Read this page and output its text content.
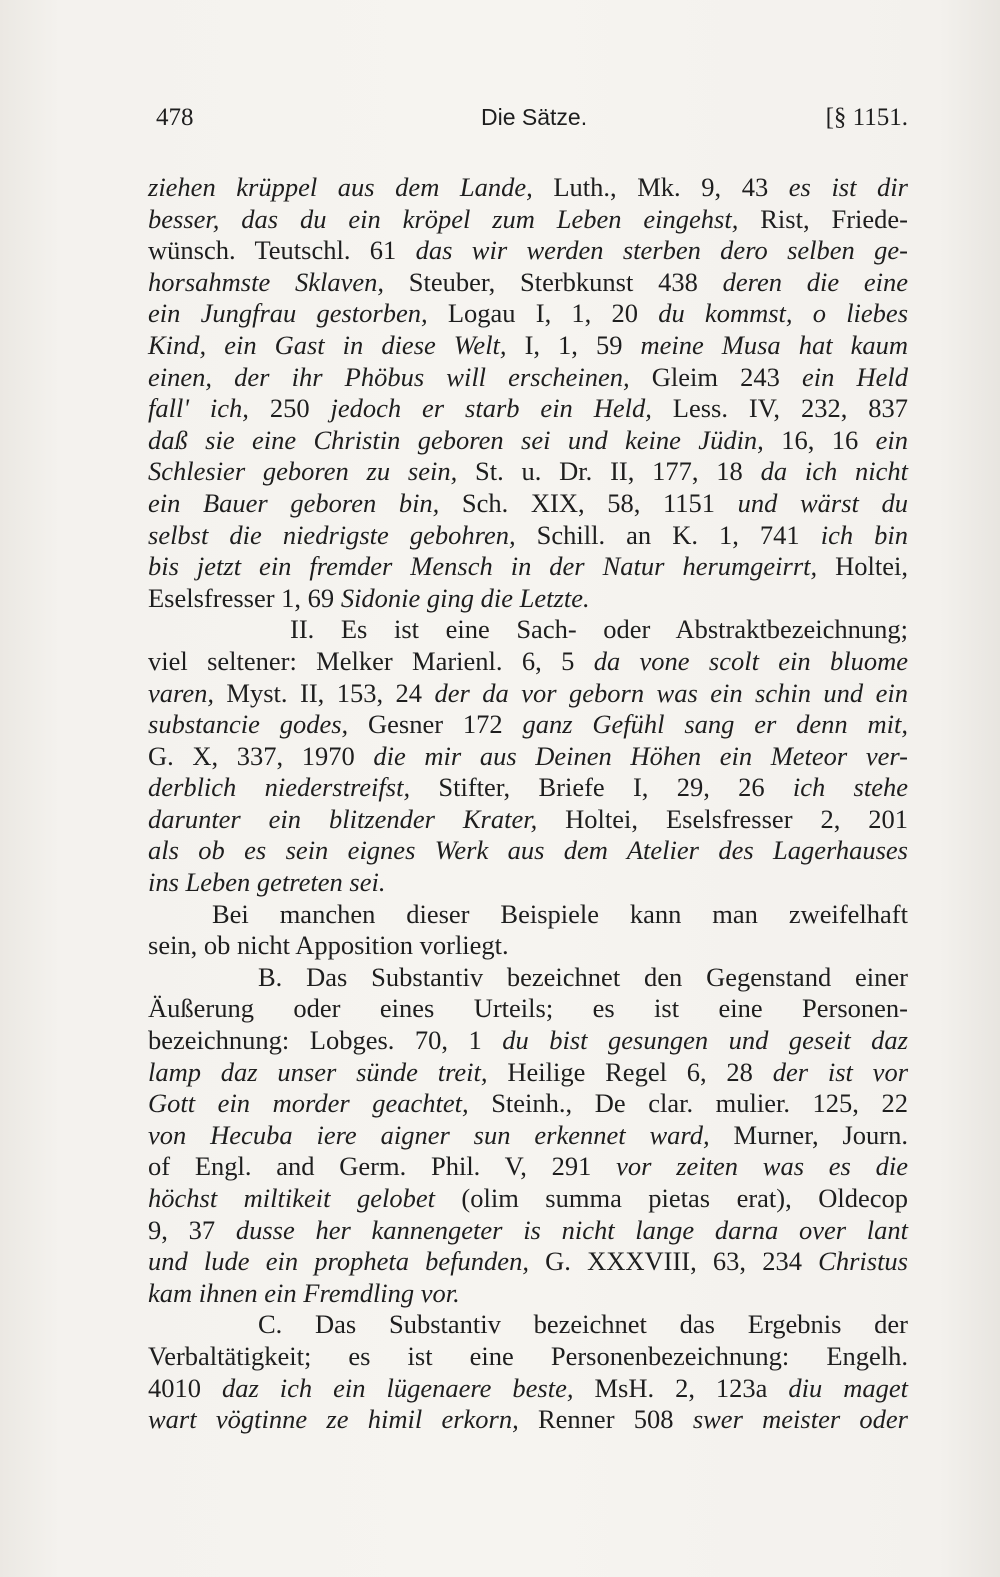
478	Die Sätze.	[§ 1151.
ziehen krüppel aus dem Lande, Luth., Mk. 9, 43 es ist dir
besser, das du ein kröpel zum Leben eingehst, Rist, Friede-
wünsch. Teutschl. 61 das wir werden sterben dero selben ge-
horsahmste Sklaven, Steuber, Sterbkunst 438 deren die eine
ein Jungfrau gestorben, Logau I, 1, 20 du kommst, o liebes
Kind, ein Gast in diese Welt, I, 1, 59 meine Musa hat kaum
einen, der ihr Phöbus will erscheinen, Gleim 243 ein Held
fall' ich, 250 jedoch er starb ein Held, Less. IV, 232, 837
daß sie eine Christin geboren sei und keine Jüdin, 16, 16 ein
Schlesier geboren zu sein, St. u. Dr. II, 177, 18 da ich nicht
ein Bauer geboren bin, Sch. XIX, 58, 1151 und wärst du
selbst die niedrigste gebohren, Schill. an K. 1, 741 ich bin
bis jetzt ein fremder Mensch in der Natur herumgeirrt, Holtei,
Eselsfresser 1, 69 Sidonie ging die Letzte.
II. Es ist eine Sach- oder Abstraktbezeichnung;
viel seltener: Melker Marienl. 6, 5 da vone scolt ein bluome
varen, Myst. II, 153, 24 der da vor geborn was ein schin und ein
substancie godes, Gesner 172 ganz Gefühl sang er denn mit,
G. X, 337, 1970 die mir aus Deinen Höhen ein Meteor ver-
derblich niederstreifst, Stifter, Briefe I, 29, 26 ich stehe
darunter ein blitzender Krater, Holtei, Eselsfresser 2, 201
als ob es sein eignes Werk aus dem Atelier des Lagerhauses
ins Leben getreten sei.
Bei manchen dieser Beispiele kann man zweifelhaft
sein, ob nicht Apposition vorliegt.
B. Das Substantiv bezeichnet den Gegenstand einer
Äußerung oder eines Urteils; es ist eine Personen-
bezeichnung: Lobges. 70, 1 du bist gesungen und geseit daz
lamp daz unser sünde treit, Heilige Regel 6, 28 der ist vor
Gott ein morder geachtet, Steinh., De clar. mulier. 125, 22
von Hecuba iere aigner sun erkennet ward, Murner, Journ.
of Engl. and Germ. Phil. V, 291 vor zeiten was es die
höchst miltikeit gelobet (olim summa pietas erat), Oldecop
9, 37 dusse her kannengeter is nicht lange darna over lant
und lude ein propheta befunden, G. XXXVIII, 63, 234 Christus
kam ihnen ein Fremdling vor.
C. Das Substantiv bezeichnet das Ergebnis der
Verbaltätigkeit; es ist eine Personenbezeichnung: Engelh.
4010 daz ich ein lügenaere beste, MsH. 2, 123a diu maget
wart vögtinne ze himil erkorn, Renner 508 swer meister oder
